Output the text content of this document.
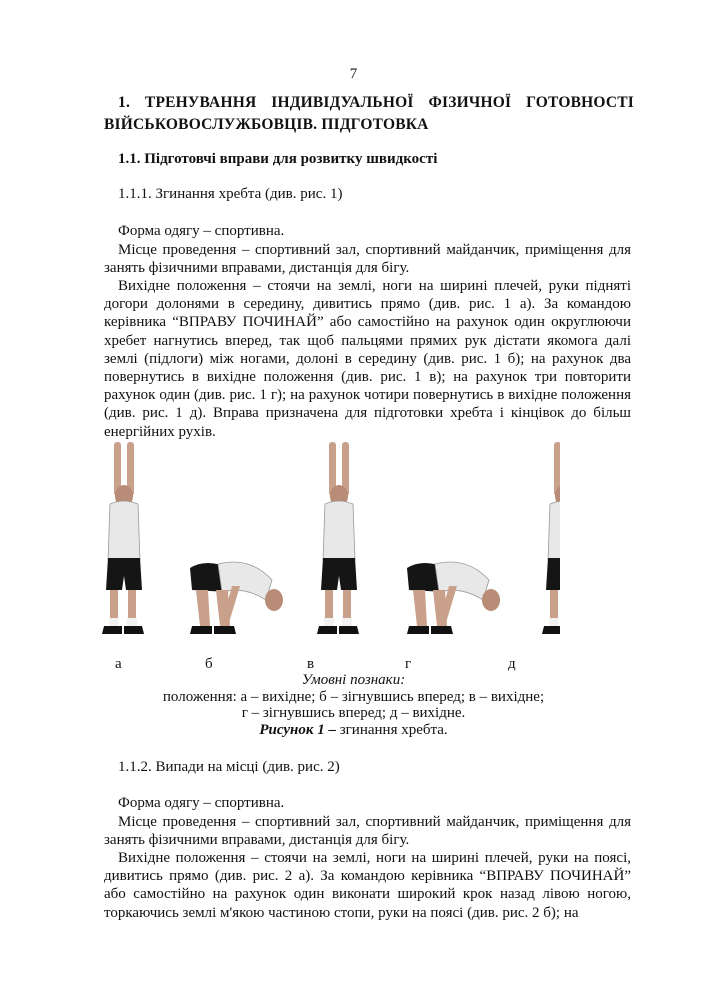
7
1. ТРЕНУВАННЯ ІНДИВІДУАЛЬНОЇ ФІЗИЧНОЇ ГОТОВНОСТІ ВІЙСЬКОВОСЛУЖБОВЦІВ. ПІДГОТОВКА
1.1. Підготовчі вправи для розвитку швидкості
1.1.1. Згинання хребта (див. рис. 1)
Форма одягу – спортивна.
Місце проведення – спортивний зал, спортивний майданчик, приміщення для занять фізичними вправами, дистанція для бігу.
Вихідне положення – стоячи на землі, ноги на ширині плечей, руки підняті догори долонями в середину, дивитись прямо (див. рис. 1 а). За командою керівника “ВПРАВУ ПОЧИНАЙ” або самостійно на рахунок один округлюючи хребет нагнутись вперед, так щоб пальцями прямих рук дістати якомога далі землі (підлоги) між ногами, долоні в середину (див. рис. 1 б); на рахунок два повернутись в вихідне положення (див. рис. 1 в); на рахунок три повторити рахунок один (див. рис. 1 г); на рахунок чотири повернутись в вихідне положення (див. рис. 1 д). Вправа призначена для підготовки хребта і кінцівок до більш енергійних рухів.
а	б	в	г	д
Умовні познаки:
положення: а – вихідне; б – зігнувшись вперед; в – вихідне;
г – зігнувшись вперед; д – вихідне.
Рисунок 1 – згинання хребта.
1.1.2. Випади на місці (див. рис. 2)
Форма одягу – спортивна.
Місце проведення – спортивний зал, спортивний майданчик, приміщення для занять фізичними вправами, дистанція для бігу.
Вихідне положення – стоячи на землі, ноги на ширині плечей, руки на поясі, дивитись прямо (див. рис. 2 а). За командою керівника “ВПРАВУ ПОЧИНАЙ” або самостійно на рахунок один виконати широкий крок назад лівою ногою, торкаючись землі м'якою частиною стопи, руки на поясі (див. рис. 2 б); на
